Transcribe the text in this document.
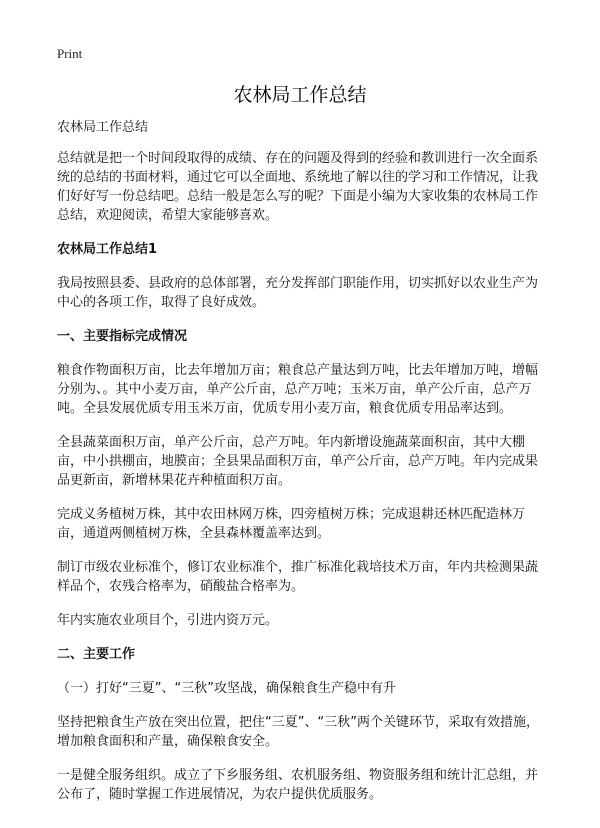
Print
农林局工作总结

农林局工作总结

总结就是把一个时间段取得的成绩、存在的问题及得到的经验和教训进行一次全面系统的总结的书面材料，通过它可以全面地、系统地了解以往的学习和工作情况，让我们好好写一份总结吧。总结一般是怎么写的呢？下面是小编为大家收集的农林局工作总结，欢迎阅读，希望大家能够喜欢。

农林局工作总结1

我局按照县委、县政府的总体部署，充分发挥部门职能作用，切实抓好以农业生产为中心的各项工作，取得了良好成效。

一、主要指标完成情况

粮食作物面积万亩，比去年增加万亩；粮食总产量达到万吨，比去年增加万吨，增幅分别为、。其中小麦万亩，单产公斤亩，总产万吨；玉米万亩，单产公斤亩，总产万吨。全县发展优质专用玉米万亩，优质专用小麦万亩，粮食优质专用品率达到。

全县蔬菜面积万亩，单产公斤亩，总产万吨。年内新增设施蔬菜面积亩，其中大棚亩，中小拱棚亩，地膜亩；全县果品面积万亩，单产公斤亩，总产万吨。年内完成果品更新亩，新增林果花卉种植面积万亩。

完成义务植树万株，其中农田林网万株，四旁植树万株；完成退耕还林匹配造林万亩，通道两侧植树万株，全县森林覆盖率达到。

制订市级农业标准个，修订农业标准个，推广标准化栽培技术万亩，年内共检测果蔬样品个，农残合格率为，硝酸盐合格率为。

年内实施农业项目个，引进内资万元。

二、主要工作

（一）打好“三夏”、“三秋”攻坚战，确保粮食生产稳中有升

坚持把粮食生产放在突出位置，把住“三夏”、“三秋”两个关键环节，采取有效措施，增加粮食面积和产量，确保粮食安全。

一是健全服务组织。成立了下乡服务组、农机服务组、物资服务组和统计汇总组，并公布了，随时掌握工作进展情况，为农户提供优质服务。
